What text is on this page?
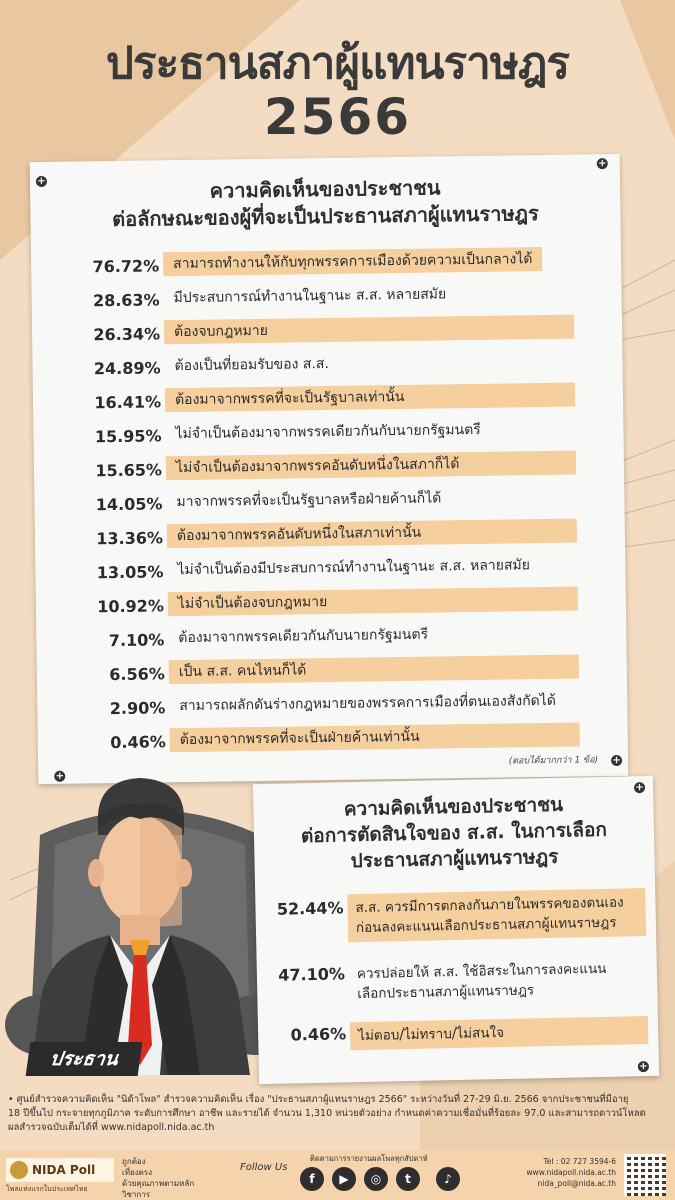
ประธานสภาผู้แทนราษฎร
2566
+
+
+
+
ความคิดเห็นของประชาชน
ต่อลักษณะของผู้ที่จะเป็นประธานสภาผู้แทนราษฎร
76.72% สามารถทำงานให้กับทุกพรรคการเมืองด้วยความเป็นกลางได้
28.63% มีประสบการณ์ทำงานในฐานะ ส.ส. หลายสมัย
26.34% ต้องจบกฎหมาย
24.89% ต้องเป็นที่ยอมรับของ ส.ส.
16.41% ต้องมาจากพรรคที่จะเป็นรัฐบาลเท่านั้น
15.95% ไม่จำเป็นต้องมาจากพรรคเดียวกันกับนายกรัฐมนตรี
15.65% ไม่จำเป็นต้องมาจากพรรคอันดับหนึ่งในสภาก็ได้
14.05% มาจากพรรคที่จะเป็นรัฐบาลหรือฝ่ายค้านก็ได้
13.36% ต้องมาจากพรรคอันดับหนึ่งในสภาเท่านั้น
13.05% ไม่จำเป็นต้องมีประสบการณ์ทำงานในฐานะ ส.ส. หลายสมัย
10.92% ไม่จำเป็นต้องจบกฎหมาย
7.10% ต้องมาจากพรรคเดียวกันกับนายกรัฐมนตรี
6.56% เป็น ส.ส. คนไหนก็ได้
2.90% สามารถผลักดันร่างกฎหมายของพรรคการเมืองที่ตนเองสังกัดได้
0.46% ต้องมาจากพรรคที่จะเป็นฝ่ายค้านเท่านั้น
(ตอบได้มากกว่า 1 ข้อ)
ประธาน
+
+
ความคิดเห็นของประชาชน
ต่อการตัดสินใจของ ส.ส. ในการเลือก
ประธานสภาผู้แทนราษฎร
52.44% ส.ส. ควรมีการตกลงกันภายในพรรคของตนเอง
ก่อนลงคะแนนเลือกประธานสภาผู้แทนราษฎร
47.10% ควรปล่อยให้ ส.ส. ใช้อิสระในการลงคะแนน
เลือกประธานสภาผู้แทนราษฎร
0.46% ไม่ตอบ/ไม่ทราบ/ไม่สนใจ
• ศูนย์สำรวจความคิดเห็น "นิด้าโพล" สำรวจความคิดเห็น เรื่อง "ประธานสภาผู้แทนราษฎร 2566" ระหว่างวันที่ 27-29 มิ.ย. 2566 จากประชาชนที่มีอายุ
18 ปีขึ้นไป กระจายทุกภูมิภาค ระดับการศึกษา อาชีพ และรายได้ จำนวน 1,310 หน่วยตัวอย่าง กำหนดค่าความเชื่อมั่นที่ร้อยละ 97.0 และสามารถดาวน์โหลด
ผลสำรวจฉบับเต็มได้ที่ www.nidapoll.nida.ac.th
NIDA Poll
โพลแห่งแรกในประเทศไทย
ถูกต้อง
เที่ยงตรง
ด้วยคุณภาพตามหลักวิชาการ
Follow Us
ติดตามการรายงานผลโพลทุกสัปดาห์
f	▶	◎	t	♪
Tel : 02 727 3594-6
www.nidapoll.nida.ac.th
nida_poll@nida.ac.th
